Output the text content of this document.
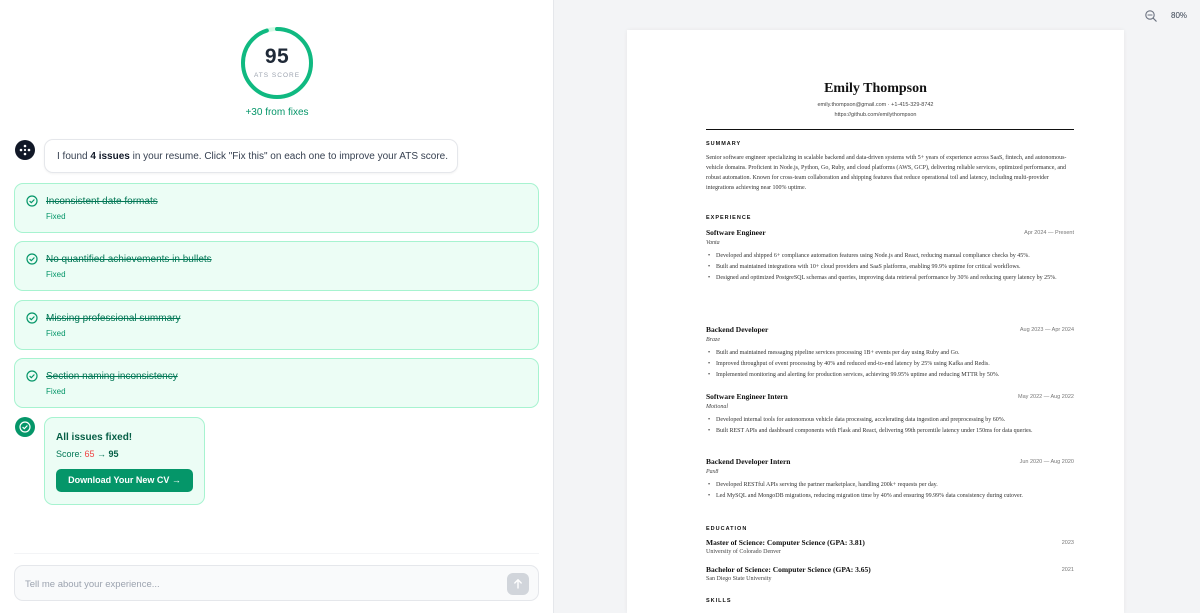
95
ATS SCORE
+30 from fixes
I found 4 issues in your resume. Click "Fix this" on each one to improve your ATS score.
Inconsistent date formats
Fixed
No quantified achievements in bullets
Fixed
Missing professional summary
Fixed
Section naming inconsistency
Fixed
All issues fixed!
Score: 65 → 95
Download Your New CV →
Tell me about your experience...
80%
Emily Thompson
emily.thompson@gmail.com · +1-415-329-8742
https://github.com/emilythompson
SUMMARY
Senior software engineer specializing in scalable backend and data-driven systems with 5+ years of experience across SaaS, fintech, and autonomous-vehicle domains. Proficient in Node.js, Python, Go, Ruby, and cloud platforms (AWS, GCP), delivering reliable services, optimized performance, and robust automation. Known for cross-team collaboration and shipping features that reduce operational toil and latency, including multi-provider integrations achieving near 100% uptime.
EXPERIENCE
Software Engineer	Apr 2024 — Present
Vanta
• Developed and shipped 6+ compliance automation features using Node.js and React, reducing manual compliance checks by 45%.
• Built and maintained integrations with 10+ cloud providers and SaaS platforms, enabling 99.9% uptime for critical workflows.
• Designed and optimized PostgreSQL schemas and queries, improving data retrieval performance by 30% and reducing query latency by 25%.
Backend Developer	Aug 2023 — Apr 2024
Braze
• Built and maintained messaging pipeline services processing 1B+ events per day using Ruby and Go.
• Improved throughput of event processing by 40% and reduced end-to-end latency by 25% using Kafka and Redis.
• Implemented monitoring and alerting for production services, achieving 99.95% uptime and reducing MTTR by 50%.
Software Engineer Intern	May 2022 — Aug 2022
Motional
• Developed internal tools for autonomous vehicle data processing, accelerating data ingestion and preprocessing by 60%.
• Built REST APIs and dashboard components with Flask and React, delivering 99th percentile latency under 150ms for data queries.
Backend Developer Intern	Jun 2020 — Aug 2020
Pax8
• Developed RESTful APIs serving the partner marketplace, handling 200k+ requests per day.
• Led MySQL and MongoDB migrations, reducing migration time by 40% and ensuring 99.99% data consistency during cutover.
EDUCATION
Master of Science: Computer Science (GPA: 3.81)	2023
University of Colorado Denver
Bachelor of Science: Computer Science (GPA: 3.65)	2021
San Diego State University
SKILLS
